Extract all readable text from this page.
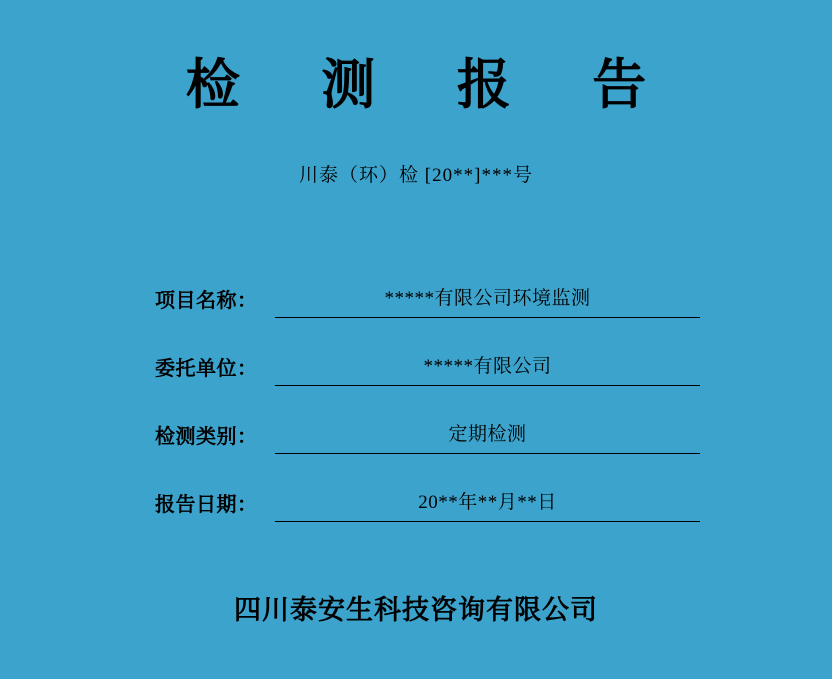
检 测 报 告
川泰（环）检 [20**]***号
项目名称：	*****有限公司环境监测
委托单位：	*****有限公司
检测类别：	定期检测
报告日期：	20**年**月**日
四川泰安生科技咨询有限公司
